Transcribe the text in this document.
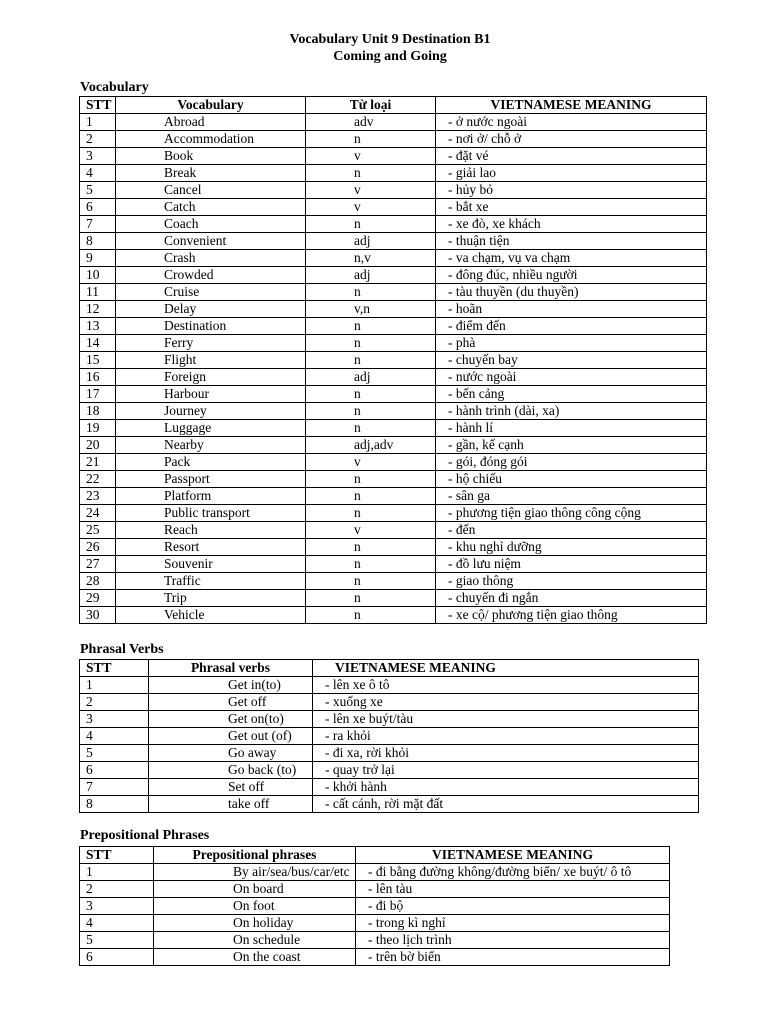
Vocabulary Unit 9 Destination B1
Coming and Going
Vocabulary
STT	Vocabulary	Từ loại	VIETNAMESE MEANING
1	Abroad	adv	- ở nước ngoài
2	Accommodation	n	- nơi ở/ chỗ ở
3	Book	v	- đặt vé
4	Break	n	- giải lao
5	Cancel	v	- hủy bỏ
6	Catch	v	- bắt xe
7	Coach	n	- xe đò, xe khách
8	Convenient	adj	- thuận tiện
9	Crash	n,v	- va chạm, vụ va chạm
10	Crowded	adj	- đông đúc, nhiều người
11	Cruise	n	- tàu thuyền (du thuyền)
12	Delay	v,n	- hoãn
13	Destination	n	- điểm đến
14	Ferry	n	- phà
15	Flight	n	- chuyến bay
16	Foreign	adj	- nước ngoài
17	Harbour	n	- bến cảng
18	Journey	n	- hành trình (dài, xa)
19	Luggage	n	- hành lí
20	Nearby	adj,adv	- gần, kế cạnh
21	Pack	v	- gói, đóng gói
22	Passport	n	- hộ chiếu
23	Platform	n	- sân ga
24	Public transport	n	- phương tiện giao thông công cộng
25	Reach	v	- đến
26	Resort	n	- khu nghỉ dưỡng
27	Souvenir	n	- đồ lưu niệm
28	Traffic	n	- giao thông
29	Trip	n	- chuyến đi ngắn
30	Vehicle	n	- xe cộ/ phương tiện giao thông
Phrasal Verbs
STT	Phrasal verbs	VIETNAMESE MEANING
1	Get in(to)	- lên xe ô tô
2	Get off	- xuống xe
3	Get on(to)	- lên xe buýt/tàu
4	Get out (of)	- ra khỏi
5	Go away	- đi xa, rời khỏi
6	Go back (to)	- quay trở lại
7	Set off	- khởi hành
8	take off	- cất cánh, rời mặt đất
Prepositional Phrases
STT	Prepositional phrases	VIETNAMESE MEANING
1	By air/sea/bus/car/etc	- đi bằng đường không/đường biển/ xe buýt/ ô tô
2	On board	- lên tàu
3	On foot	- đi bộ
4	On holiday	- trong kì nghỉ
5	On schedule	- theo lịch trình
6	On the coast	- trên bờ biển
